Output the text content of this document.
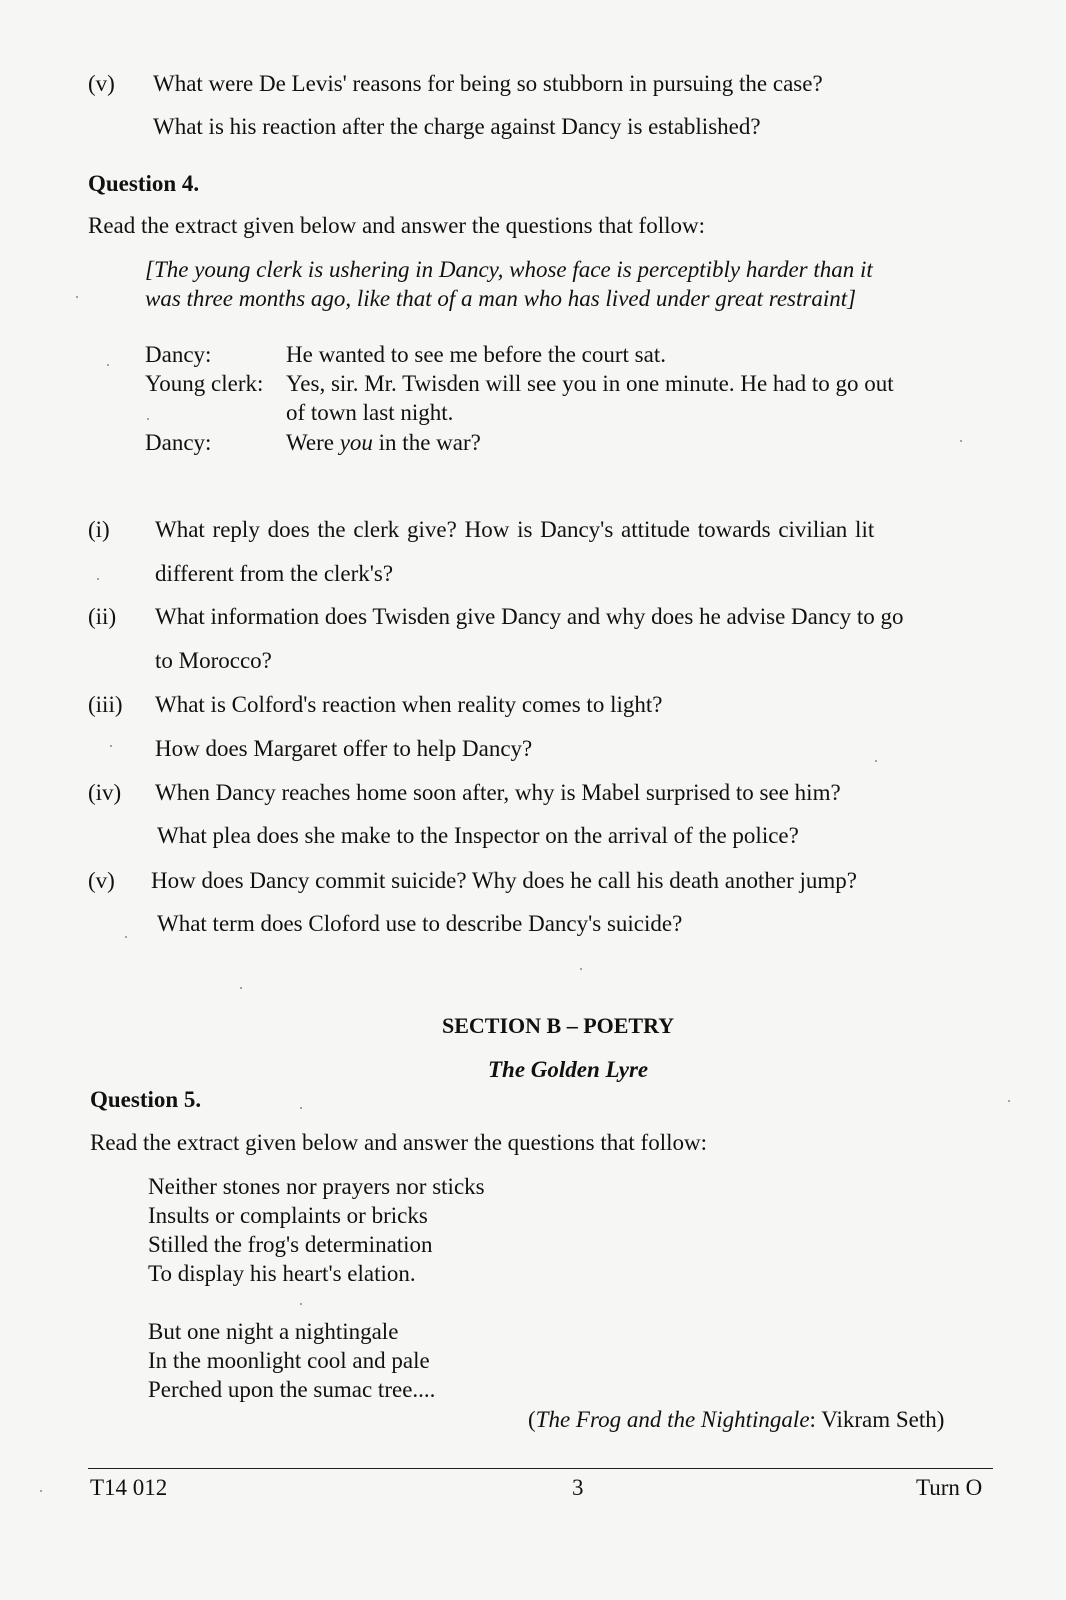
(v) What were De Levis' reasons for being so stubborn in pursuing the case?
What is his reaction after the charge against Dancy is established?
Question 4.
Read the extract given below and answer the questions that follow:
[The young clerk is ushering in Dancy, whose face is perceptibly harder than it
was three months ago, like that of a man who has lived under great restraint]
Dancy:	He wanted to see me before the court sat.
Young clerk: Yes, sir. Mr. Twisden will see you in one minute. He had to go out
of town last night.
Dancy:	Were you in the war?
(i) What reply does the clerk give? How is Dancy's attitude towards civilian lit
different from the clerk's?
(ii) What information does Twisden give Dancy and why does he advise Dancy to go
to Morocco?
(iii) What is Colford's reaction when reality comes to light?
How does Margaret offer to help Dancy?
(iv) When Dancy reaches home soon after, why is Mabel surprised to see him?
What plea does she make to the Inspector on the arrival of the police?
(v) How does Dancy commit suicide? Why does he call his death another jump?
What term does Cloford use to describe Dancy's suicide?
SECTION B – POETRY
The Golden Lyre
Question 5.
Read the extract given below and answer the questions that follow:
Neither stones nor prayers nor sticks
Insults or complaints or bricks
Stilled the frog's determination
To display his heart's elation.
But one night a nightingale
In the moonlight cool and pale
Perched upon the sumac tree....
(The Frog and the Nightingale: Vikram Seth)
T14 012	3	Turn O
